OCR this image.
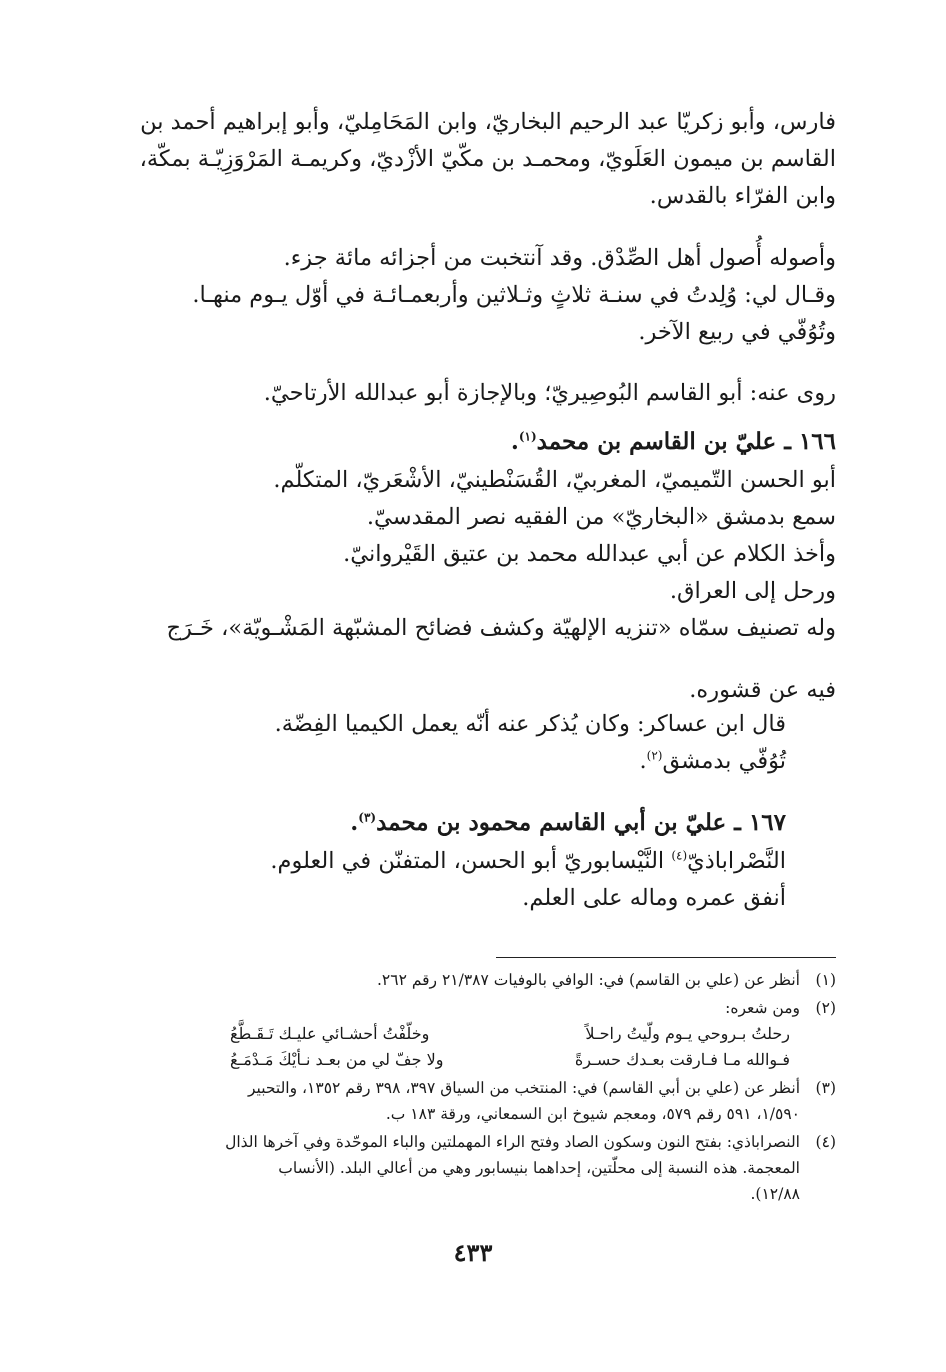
فارس، وأبو زكريّا عبد الرحيم البخاريّ، وابن المَحَامِليّ، وأبو إبراهيم أحمد بن

القاسم بن ميمون العَلَويّ، ومحمـد بن مكّيّ الأزْديّ، وكريمـة المَرْوَزِيّـة بمكّة،

وابن الفرّاء بالقدس.

وأصوله أُصول أهل الصِّدْق. وقد آنتخبت من أجزائه مائة جزء.

وقـال لي: وُلِدتُ في سنـة ثلاثٍ وثـلاثين وأربعمـائـة في أوّل يـوم منهـا.

وتُوُفّي في ربيع الآخر.

روى عنه: أبو القاسم البُوصِيريّ؛ وبالإجازة أبو عبدالله الأرتاحيّ.

١٦٦ ـ عليّ بن القاسم بن محمد$^{(١)}$.

أبو الحسن التّميميّ، المغربيّ، القُسَنْطينيّ، الأشْعَريّ، المتكلّم.

سمع بدمشق «البخاريّ» من الفقيه نصر المقدسيّ.

وأخذ الكلام عن أبي عبدالله محمد بن عتيق القَيْروانيّ.

ورحل إلى العراق.

وله تصنيف سمّاه «تنزيه الإلهيّة وكشف فضائح المشبّهة المَشْـويّة»، خَـرَج

فيه عن قشوره.

قال ابن عساكر: وكان يُذكر عنه أنّه يعمل الكيميا الفِضّة.

تُوُفّي بدمشق$^{(٢)}$.

١٦٧ ـ عليّ بن أبي القاسم محمود بن محمد$^{(٣)}$.

النَّصْراباذيّ$^{(٤)}$ النَّيْسابوريّ أبو الحسن، المتفنّن في العلوم.

أنفق عمره وماله على العلم.

(١)

أنظر عن (علي بن القاسم) في: الوافي بالوفيات ٢١/٣٨٧ رقم ٢٦٢.

(٢)

ومن شعره:

رحلتُ بـروحي يـوم ولّيتُ راحـلاً
وخلّفْتُ أحشـائي عليـك تَـقَـطَّعُ
فـوالله مـا فـارقت بعـدك حسـرةً
ولا جفّ لي من بعـد نـأيْكَ مَـدْمَـعُ
(٣)

أنظر عن (علي بن أبي القاسم) في: المنتخب من السياق ٣٩٧، ٣٩٨ رقم ١٣٥٢، والتحبير

١/٥٩٠، ٥٩١ رقم ٥٧٩، ومعجم شيوخ ابن السمعاني، ورقة ١٨٣ ب.

(٤)

النصراباذي: بفتح النون وسكون الصاد وفتح الراء المهملتين والباء الموحّدة وفي آخرها الذال

المعجمة. هذه النسبة إلى محلّتين، إحداهما بنيسابور وهي من أعالي البلد. (الأنساب

١٢/٨٨).

٤٣٣
